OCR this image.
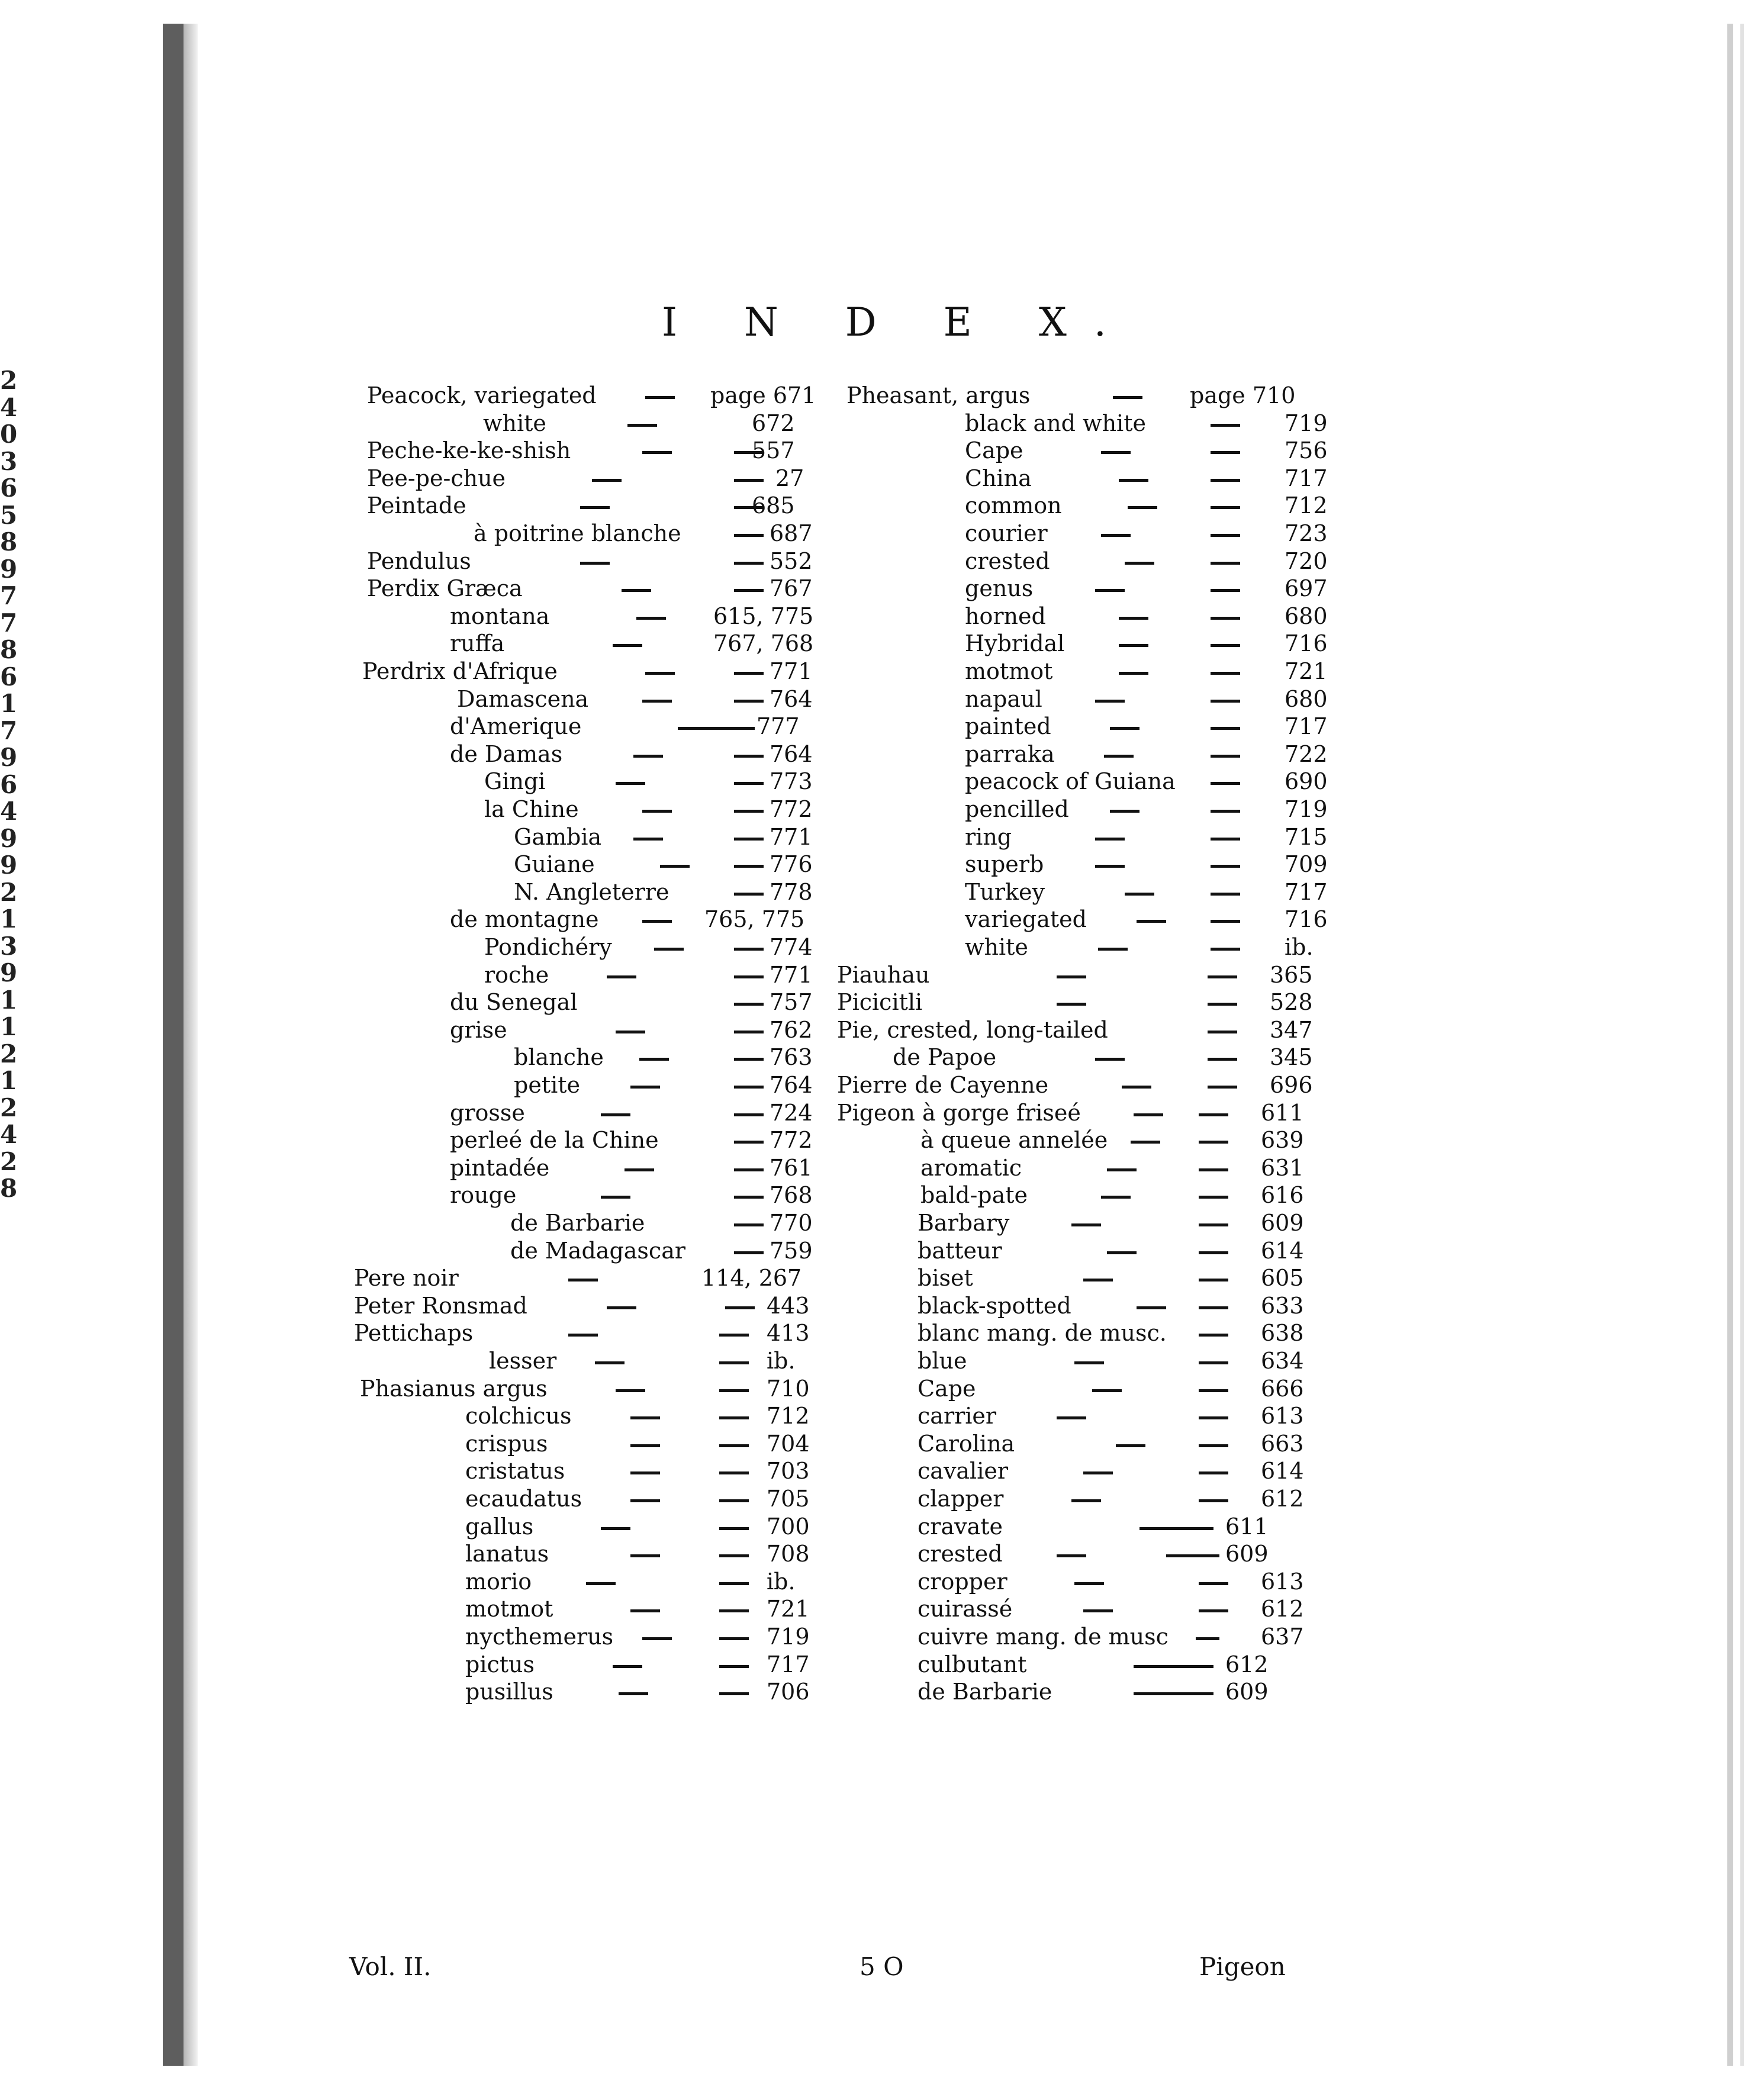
2
4
0
3
6
5
8
9
7
7
8
6
1
7
9
6
4
9
9
2
1
3
9
1
1
2
1
2
4
2
8
I N D E X.
Peacock, variegated	page 671
white	672
Peche-ke-ke-shish	557
Pee-pe-chue	27
Peintade	685
à poitrine blanche	687
Pendulus	552
Perdix Græca	767
montana	615, 775
ruffa	767, 768
Perdrix d'Afrique	771
Damascena	764
d'Amerique	777
de Damas	764
Gingi	773
la Chine	772
Gambia	771
Guiane	776
N. Angleterre	778
de montagne	765, 775
Pondichéry	774
roche	771
du Senegal	757
grise	762
blanche	763
petite	764
grosse	724
perleé de la Chine	772
pintadée	761
rouge	768
de Barbarie	770
de Madagascar	759
Pere noir	114, 267
Peter Ronsmad	443
Pettichaps	413
lesser	ib.
Phasianus argus	710
colchicus	712
crispus	704
cristatus	703
ecaudatus	705
gallus	700
lanatus	708
morio	ib.
motmot	721
nycthemerus	719
pictus	717
pusillus	706
Pheasant, argus	page 710
black and white	719
Cape	756
China	717
common	712
courier	723
crested	720
genus	697
horned	680
Hybridal	716
motmot	721
napaul	680
painted	717
parraka	722
peacock of Guiana	690
pencilled	719
ring	715
superb	709
Turkey	717
variegated	716
white	ib.
Piauhau	365
Picicitli	528
Pie, crested, long-tailed	347
de Papoe	345
Pierre de Cayenne	696
Pigeon à gorge friseé	611
à queue annelée	639
aromatic	631
bald-pate	616
Barbary	609
batteur	614
biset	605
black-spotted	633
blanc mang. de musc.	638
blue	634
Cape	666
carrier	613
Carolina	663
cavalier	614
clapper	612
cravate	611
crested	609
cropper	613
cuirassé	612
cuivre mang. de musc	637
culbutant	612
de Barbarie	609
Vol. II.	5 O	Pigeon
